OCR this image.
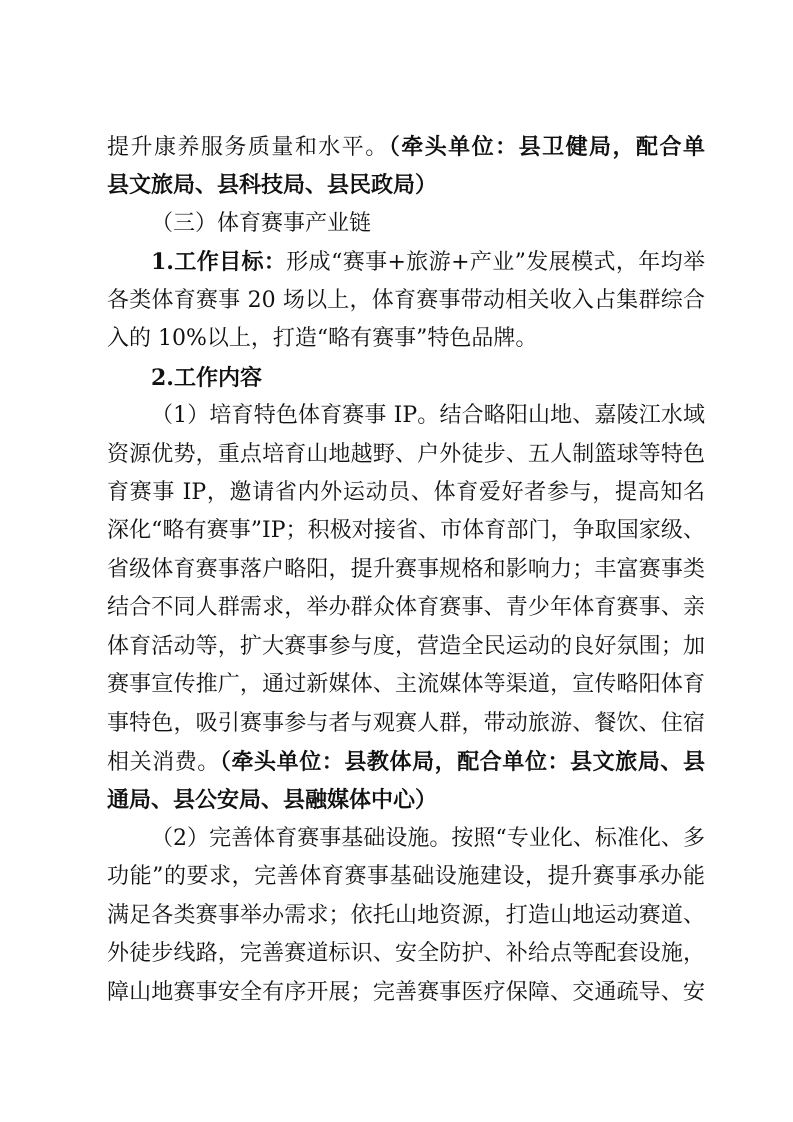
提升康养服务质量和水平。（牵头单位：县卫健局，配合单
县文旅局、县科技局、县民政局）
（三）体育赛事产业链
1.工作目标：形成“赛事+旅游+产业”发展模式，年均举
各类体育赛事 20 场以上，体育赛事带动相关收入占集群综合
入的 10%以上，打造“略有赛事”特色品牌。
2.工作内容
（1）培育特色体育赛事 IP。结合略阳山地、嘉陵江水域
资源优势，重点培育山地越野、户外徒步、五人制篮球等特色
育赛事 IP，邀请省内外运动员、体育爱好者参与，提高知名
深化“略有赛事”IP；积极对接省、市体育部门，争取国家级、
省级体育赛事落户略阳，提升赛事规格和影响力；丰富赛事类
结合不同人群需求，举办群众体育赛事、青少年体育赛事、亲
体育活动等，扩大赛事参与度，营造全民运动的良好氛围；加
赛事宣传推广，通过新媒体、主流媒体等渠道，宣传略阳体育
事特色，吸引赛事参与者与观赛人群，带动旅游、餐饮、住宿
相关消费。（牵头单位：县教体局，配合单位：县文旅局、县
通局、县公安局、县融媒体中心）
（2）完善体育赛事基础设施。按照“专业化、标准化、多
功能”的要求，完善体育赛事基础设施建设，提升赛事承办能
满足各类赛事举办需求；依托山地资源，打造山地运动赛道、
外徒步线路，完善赛道标识、安全防护、补给点等配套设施，
障山地赛事安全有序开展；完善赛事医疗保障、交通疏导、安
